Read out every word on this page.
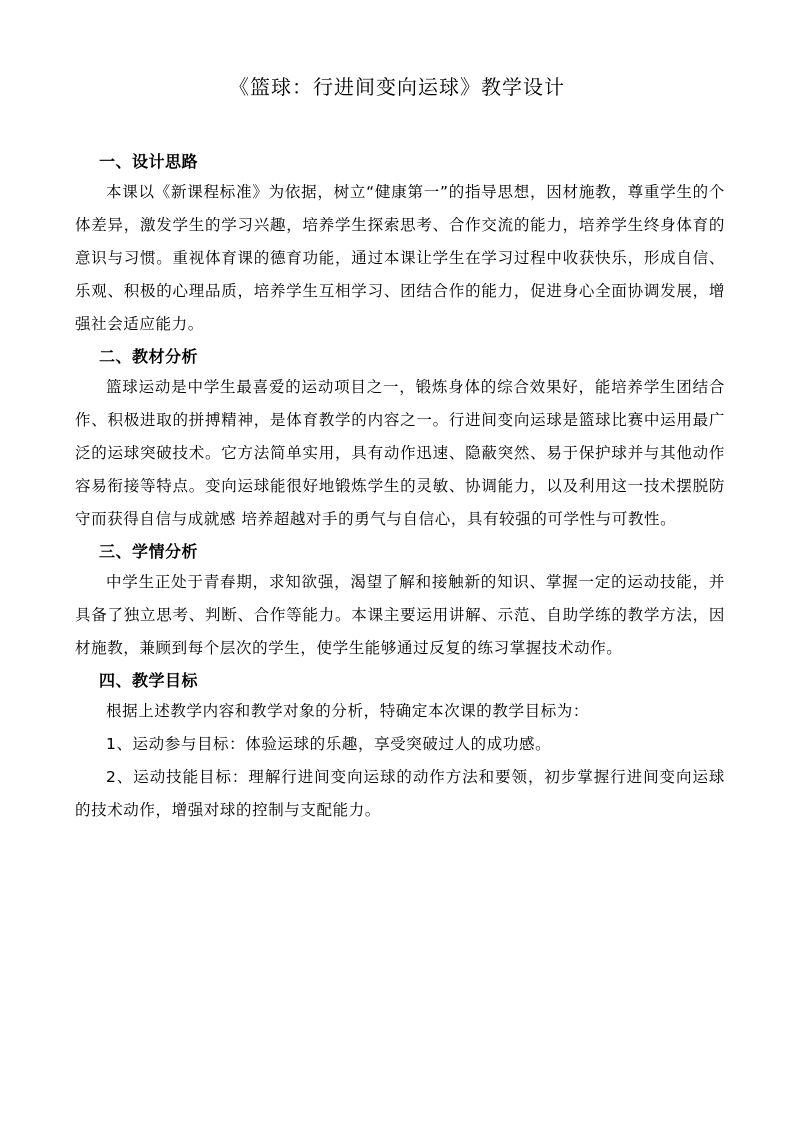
《篮球：行进间变向运球》教学设计
一、设计思路

本课以《新课程标准》为依据，树立“健康第一”的指导思想，因材施教，尊重学生的个体差异，激发学生的学习兴趣，培养学生探索思考、合作交流的能力，培养学生终身体育的意识与习惯。重视体育课的德育功能，通过本课让学生在学习过程中收获快乐，形成自信、乐观、积极的心理品质，培养学生互相学习、团结合作的能力，促进身心全面协调发展，增强社会适应能力。

二、教材分析

篮球运动是中学生最喜爱的运动项目之一，锻炼身体的综合效果好，能培养学生团结合作、积极进取的拼搏精神，是体育教学的内容之一。行进间变向运球是篮球比赛中运用最广泛的运球突破技术。它方法简单实用，具有动作迅速、隐蔽突然、易于保护球并与其他动作容易衔接等特点。变向运球能很好地锻炼学生的灵敏、协调能力，以及利用这一技术摆脱防守而获得自信与成就感 培养超越对手的勇气与自信心，具有较强的可学性与可教性。

三、学情分析

中学生正处于青春期，求知欲强，渴望了解和接触新的知识、掌握一定的运动技能，并具备了独立思考、判断、合作等能力。本课主要运用讲解、示范、自助学练的教学方法，因材施教，兼顾到每个层次的学生，使学生能够通过反复的练习掌握技术动作。

四、教学目标

根据上述教学内容和教学对象的分析，特确定本次课的教学目标为：

1、运动参与目标：体验运球的乐趣，享受突破过人的成功感。

2、运动技能目标：理解行进间变向运球的动作方法和要领，初步掌握行进间变向运球的技术动作，增强对球的控制与支配能力。
